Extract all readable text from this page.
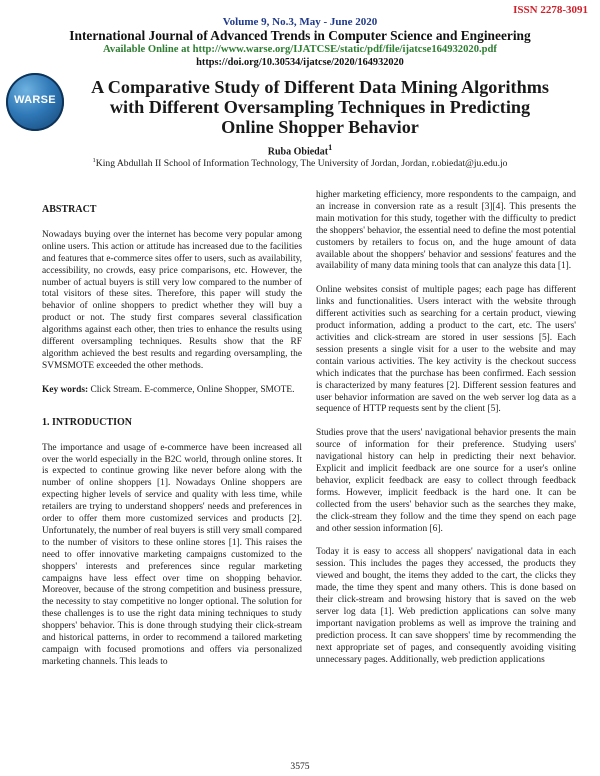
ISSN 2278-3091
Volume 9, No.3, May - June 2020
International Journal of Advanced Trends in Computer Science and Engineering
Available Online at http://www.warse.org/IJATCSE/static/pdf/file/ijatcse164932020.pdf
https://doi.org/10.30534/ijatcse/2020/164932020
WARSE
A Comparative Study of Different Data Mining Algorithms
with Different Oversampling Techniques in Predicting
Online Shopper Behavior
Ruba Obiedat$^1$
$^1$King Abdullah II School of Information Technology, The University of Jordan, Jordan, r.obiedat@ju.edu.jo
ABSTRACT

Nowadays buying over the internet has become very popular among online users. This action or attitude has increased due to the facilities and features that e-commerce sites offer to users, such as availability, accessibility, no crowds, easy price comparisons, etc. However, the number of actual buyers is still very low compared to the number of total visitors of these sites. Therefore, this paper will study the behavior of online shoppers to predict whether they will buy a product or not. The study first compares several classification algorithms against each other, then tries to enhance the results using different oversampling techniques. Results show that the RF algorithm achieved the best results and regarding oversampling, the SVMSMOTE exceeded the other methods.

Key words: Click Stream. E-commerce, Online Shopper, SMOTE.

1. INTRODUCTION

The importance and usage of e-commerce have been increased all over the world especially in the B2C world, through online stores. It is expected to continue growing like never before along with the number of online shoppers [1]. Nowadays Online shoppers are expecting higher levels of service and quality with less time, while retailers are trying to understand shoppers' needs and preferences in order to offer them more customized services and products [2]. Unfortunately, the number of real buyers is still very small compared to the number of visitors to these online stores [1]. This raises the need to offer innovative marketing campaigns customized to the shoppers' interests and preferences since regular marketing campaigns have less effect over time on shopping behavior. Moreover, because of the strong competition and business pressure, the necessity to stay competitive no longer optional. The solution for these challenges is to use the right data mining techniques to study shoppers' behavior. This is done through studying their click-stream and historical patterns, in order to recommend a tailored marketing campaign with focused promotions and offers via personalized marketing channels. This leads to

higher marketing efficiency, more respondents to the campaign, and an increase in conversion rate as a result [3][4]. This presents the main motivation for this study, together with the difficulty to predict the shoppers' behavior, the essential need to define the most potential customers by retailers to focus on, and the huge amount of data available about the shoppers' behavior and sessions' features and the availability of many data mining tools that can analyze this data [1].

Online websites consist of multiple pages; each page has different links and functionalities. Users interact with the website through different activities such as searching for a certain product, viewing product information, adding a product to the cart, etc. The users' activities and click-stream are stored in user sessions [5]. Each session presents a single visit for a user to the website and may contain various activities. The key activity is the checkout success which indicates that the purchase has been confirmed. Each session is characterized by many features [2]. Different session features and user behavior information are saved on the web server log data as a sequence of HTTP requests sent by the client [5].

Studies prove that the users' navigational behavior presents the main source of information for their preference. Studying users' navigational history can help in predicting their next behavior. Explicit and implicit feedback are one source for a user's online behavior, explicit feedback are easy to collect through feedback forms. However, implicit feedback is the hard one. It can be collected from the users' behavior such as the searches they make, the click-stream they follow and the time they spend on each page and other session information [6].

Today it is easy to access all shoppers' navigational data in each session. This includes the pages they accessed, the products they viewed and bought, the items they added to the cart, the clicks they made, the time they spent and many others. This is done based on their click-stream and browsing history that is saved on the web server log data [1]. Web prediction applications can solve many important navigation problems as well as improve the training and prediction process. It can save shoppers' time by recommending the next appropriate set of pages, and consequently avoiding visiting unnecessary pages. Additionally, web prediction applications

3575
